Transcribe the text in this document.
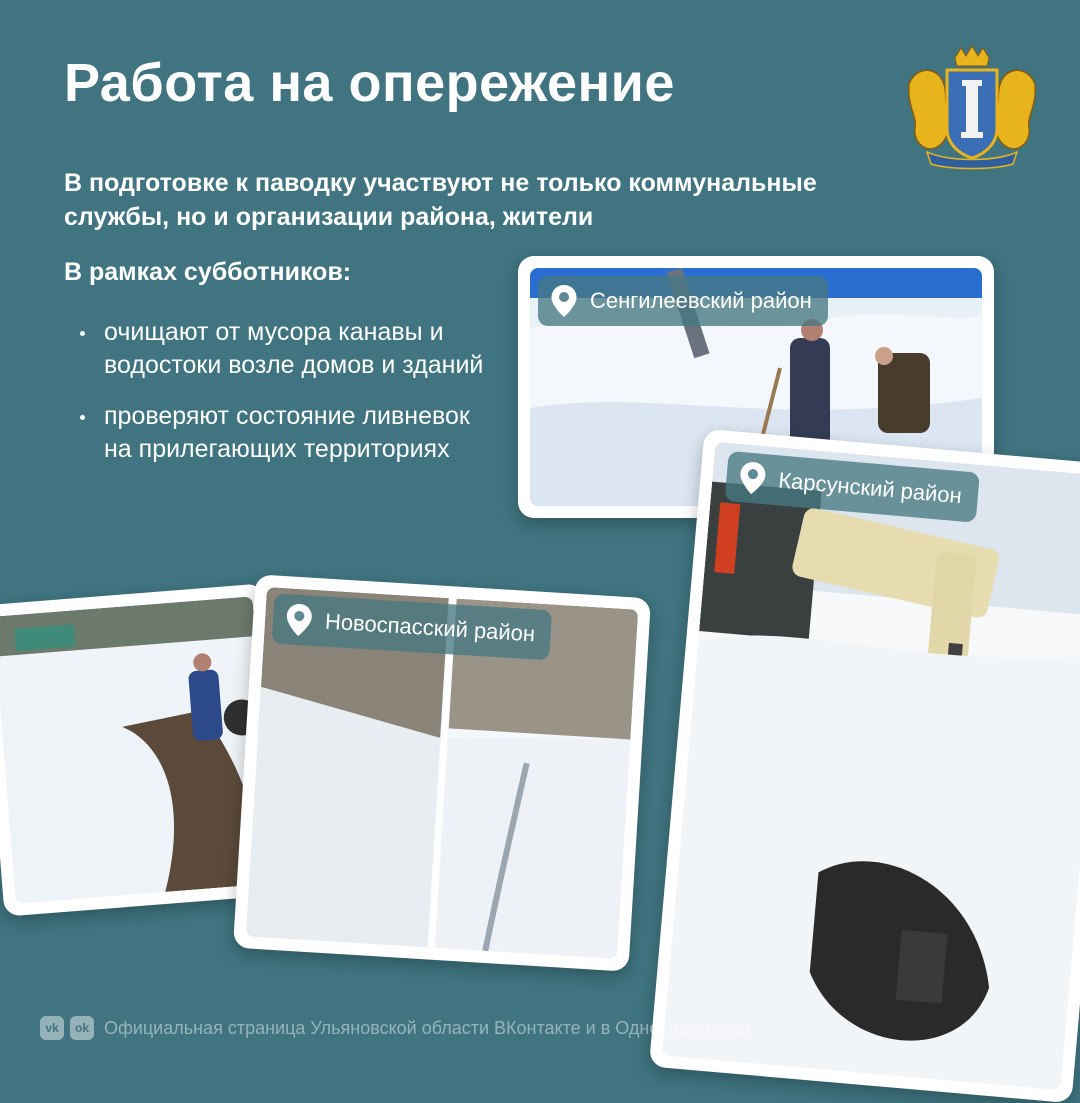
Работа на опережение
В подготовке к паводку участвуют не только коммунальные службы, но и организации района, жители
В рамках субботников:
очищают от мусора канавы и водостоки возле домов и зданий
проверяют состояние ливневок на прилегающих территориях
Сенгилеевский район
Новоспасский район
Карсунский район
vk	ok Официальная страница Ульяновской области ВКонтакте и в Одноклассниках
